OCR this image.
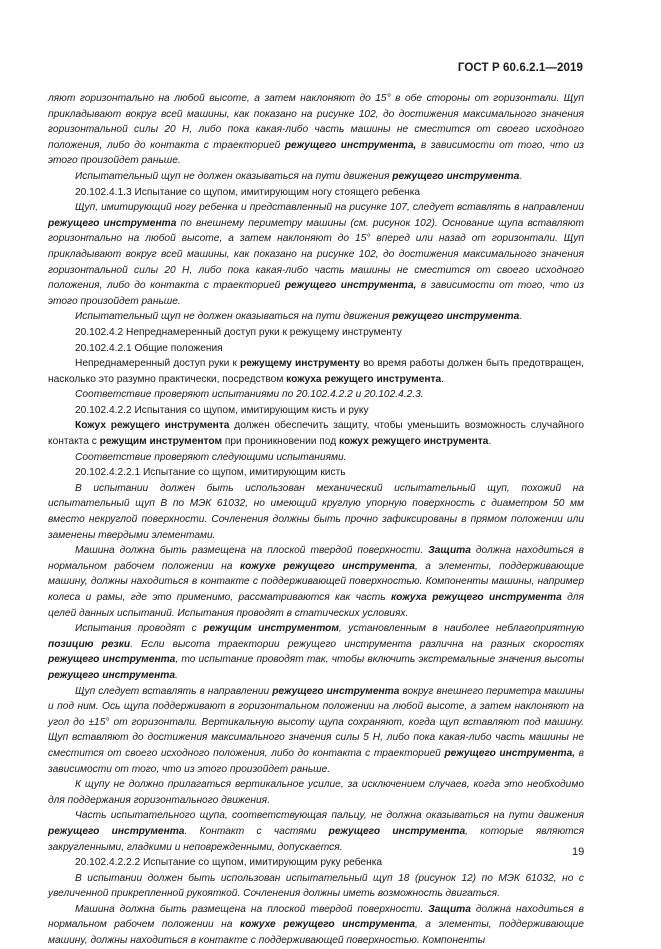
ГОСТ Р 60.6.2.1—2019

ляют горизонтально на любой высоте, а затем наклоняют до 15° в обе стороны от горизонтали. Щуп прикладывают вокруг всей машины, как показано на рисунке 102, до достижения максимального значения горизонтальной силы 20 Н, либо пока какая-либо часть машины не сместится от своего исходного положения, либо до контакта с траекторией режущего инструмента, в зависимости от того, что из этого произойдет раньше.

Испытательный щуп не должен оказываться на пути движения режущего инструмента.

20.102.4.1.3 Испытание со щупом, имитирующим ногу стоящего ребенка

Щуп, имитирующий ногу ребенка и представленный на рисунке 107, следует вставлять в направлении режущего инструмента по внешнему периметру машины (см. рисунок 102). Основание щупа вставляют горизонтально на любой высоте, а затем наклоняют до 15° вперед или назад от горизонтали. Щуп прикладывают вокруг всей машины, как показано на рисунке 102, до достижения максимального значения горизонтальной силы 20 Н, либо пока какая-либо часть машины не сместится от своего исходного положения, либо до контакта с траекторией режущего инструмента, в зависимости от того, что из этого произойдет раньше.

Испытательный щуп не должен оказываться на пути движения режущего инструмента.

20.102.4.2 Непреднамеренный доступ руки к режущему инструменту

20.102.4.2.1 Общие положения

Непреднамеренный доступ руки к режущему инструменту во время работы должен быть предотвращен, насколько это разумно практически, посредством кожуха режущего инструмента.

Соответствие проверяют испытаниями по 20.102.4.2.2 и 20.102.4.2.3.

20.102.4.2.2 Испытания со щупом, имитирующим кисть и руку

Кожух режущего инструмента должен обеспечить защиту, чтобы уменьшить возможность случайного контакта с режущим инструментом при проникновении под кожух режущего инструмента.

Соответствие проверяют следующими испытаниями.

20.102.4.2.2.1 Испытание со щупом, имитирующим кисть

В испытании должен быть использован механический испытательный щуп, похожий на испытательный щуп В по МЭК 61032, но имеющий круглую упорную поверхность с диаметром 50 мм вместо некруглой поверхности. Сочленения должны быть прочно зафиксированы в прямом положении или заменены твердыми элементами.

Машина должна быть размещена на плоской твердой поверхности. Защита должна находиться в нормальном рабочем положении на кожухе режущего инструмента, а элементы, поддерживающие машину, должны находиться в контакте с поддерживающей поверхностью. Компоненты машины, например колеса и рамы, где это применимо, рассматриваются как часть кожуха режущего инструмента для целей данных испытаний. Испытания проводят в статических условиях.

Испытания проводят с режущим инструментом, установленным в наиболее неблагоприятную позицию резки. Если высота траектории режущего инструмента различна на разных скоростях режущего инструмента, то испытание проводят так, чтобы включить экстремальные значения высоты режущего инструмента.

Щуп следует вставлять в направлении режущего инструмента вокруг внешнего периметра машины и под ним. Ось щупа поддерживают в горизонтальном положении на любой высоте, а затем наклоняют на угол до ±15° от горизонтали. Вертикальную высоту щупа сохраняют, когда щуп вставляют под машину. Щуп вставляют до достижения максимального значения силы 5 Н, либо пока какая-либо часть машины не сместится от своего исходного положения, либо до контакта с траекторией режущего инструмента, в зависимости от того, что из этого произойдет раньше.

К щупу не должно прилагаться вертикальное усилие, за исключением случаев, когда это необходимо для поддержания горизонтального движения.

Часть испытательного щупа, соответствующая пальцу, не должна оказываться на пути движения режущего инструмента. Контакт с частями режущего инструмента, которые являются закругленными, гладкими и неповрежденными, допускается.

20.102.4.2.2.2 Испытание со щупом, имитирующим руку ребенка

В испытании должен быть использован испытательный щуп 18 (рисунок 12) по МЭК 61032, но с увеличенной прикрепленной рукояткой. Сочленения должны иметь возможность двигаться.

Машина должна быть размещена на плоской твердой поверхности. Защита должна находиться в нормальном рабочем положении на кожухе режущего инструмента, а элементы, поддерживающие машину, должны находиться в контакте с поддерживающей поверхностью. Компоненты

19
